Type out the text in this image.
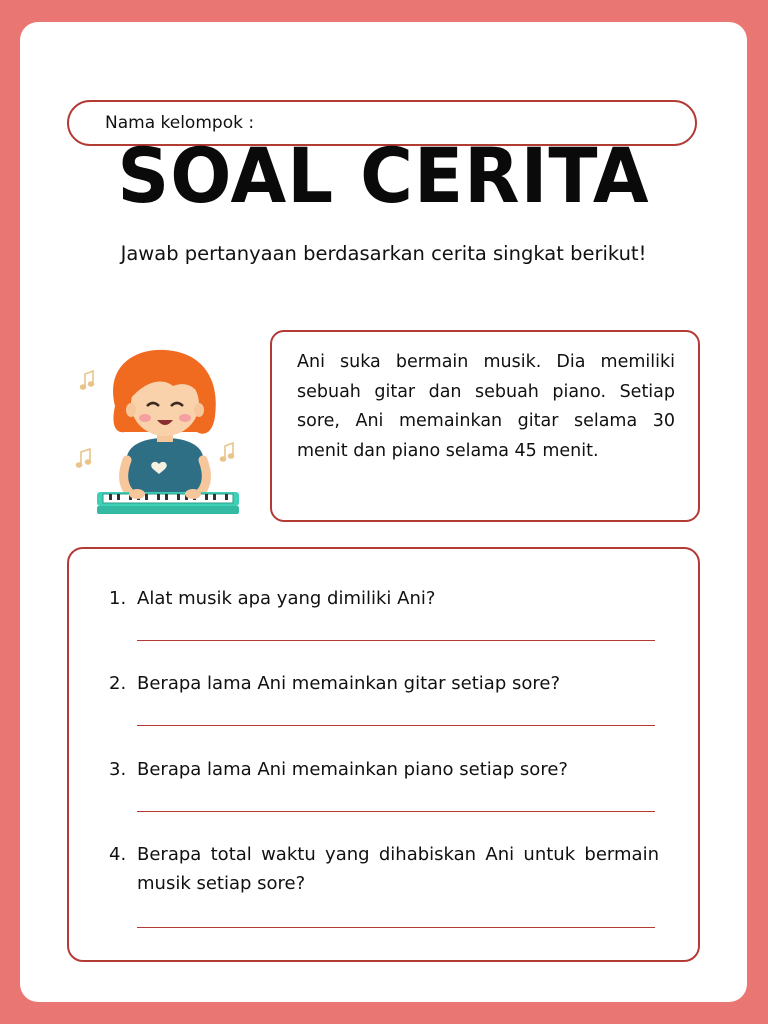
Nama kelompok :
SOAL CERITA
Jawab pertanyaan berdasarkan cerita singkat berikut!
Ani suka bermain musik. Dia memiliki sebuah gitar dan sebuah piano. Setiap sore, Ani memainkan gitar selama 30 menit dan piano selama 45 menit.
1. Alat musik apa yang dimiliki Ani?
2. Berapa lama Ani memainkan gitar setiap sore?
3. Berapa lama Ani memainkan piano setiap sore?
4. Berapa total waktu yang dihabiskan Ani untuk bermain musik setiap sore?
